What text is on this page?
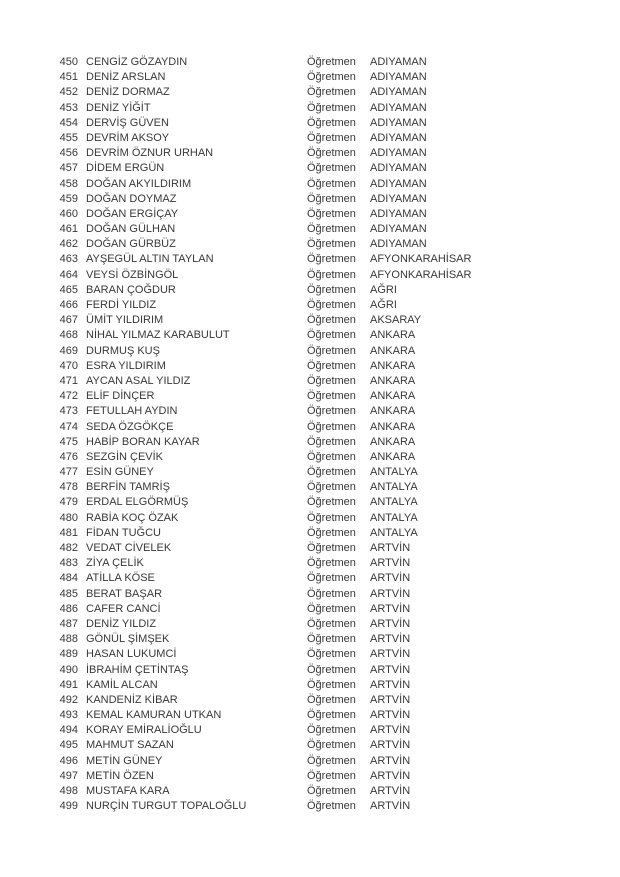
450 CENGİZ GÖZAYDIN	Öğretmen ADIYAMAN
451 DENİZ ARSLAN	Öğretmen ADIYAMAN
452 DENİZ DORMAZ	Öğretmen ADIYAMAN
453 DENİZ YİĞİT	Öğretmen ADIYAMAN
454 DERVİŞ GÜVEN	Öğretmen ADIYAMAN
455 DEVRİM AKSOY	Öğretmen ADIYAMAN
456 DEVRİM ÖZNUR URHAN	Öğretmen ADIYAMAN
457 DİDEM ERGÜN	Öğretmen ADIYAMAN
458 DOĞAN AKYILDIRIM	Öğretmen ADIYAMAN
459 DOĞAN DOYMAZ	Öğretmen ADIYAMAN
460 DOĞAN ERGİÇAY	Öğretmen ADIYAMAN
461 DOĞAN GÜLHAN	Öğretmen ADIYAMAN
462 DOĞAN GÜRBÜZ	Öğretmen ADIYAMAN
463 AYŞEGÜL ALTIN TAYLAN	Öğretmen AFYONKARAHİSAR
464 VEYSİ ÖZBİNGÖL	Öğretmen AFYONKARAHİSAR
465 BARAN ÇOĞDUR	Öğretmen AĞRI
466 FERDİ YILDIZ	Öğretmen AĞRI
467 ÜMİT YILDIRIM	Öğretmen AKSARAY
468 NİHAL YILMAZ KARABULUT	Öğretmen ANKARA
469 DURMUŞ KUŞ	Öğretmen ANKARA
470 ESRA YILDIRIM	Öğretmen ANKARA
471 AYCAN ASAL YILDIZ	Öğretmen ANKARA
472 ELİF DİNÇER	Öğretmen ANKARA
473 FETULLAH AYDIN	Öğretmen ANKARA
474 SEDA ÖZGÖKÇE	Öğretmen ANKARA
475 HABİP BORAN KAYAR	Öğretmen ANKARA
476 SEZGİN ÇEVİK	Öğretmen ANKARA
477 ESİN GÜNEY	Öğretmen ANTALYA
478 BERFİN TAMRİŞ	Öğretmen ANTALYA
479 ERDAL ELGÖRMÜŞ	Öğretmen ANTALYA
480 RABİA KOÇ ÖZAK	Öğretmen ANTALYA
481 FİDAN TUĞCU	Öğretmen ANTALYA
482 VEDAT CİVELEK	Öğretmen ARTVİN
483 ZİYA ÇELİK	Öğretmen ARTVİN
484 ATİLLA KÖSE	Öğretmen ARTVİN
485 BERAT BAŞAR	Öğretmen ARTVİN
486 CAFER CANCİ	Öğretmen ARTVİN
487 DENİZ YILDIZ	Öğretmen ARTVİN
488 GÖNÜL ŞİMŞEK	Öğretmen ARTVİN
489 HASAN LUKUMCİ	Öğretmen ARTVİN
490 İBRAHİM ÇETİNTAŞ	Öğretmen ARTVİN
491 KAMİL ALCAN	Öğretmen ARTVİN
492 KANDENİZ KİBAR	Öğretmen ARTVİN
493 KEMAL KAMURAN UTKAN	Öğretmen ARTVİN
494 KORAY EMİRALİOĞLU	Öğretmen ARTVİN
495 MAHMUT SAZAN	Öğretmen ARTVİN
496 METİN GÜNEY	Öğretmen ARTVİN
497 METİN ÖZEN	Öğretmen ARTVİN
498 MUSTAFA KARA	Öğretmen ARTVİN
499 NURÇİN TURGUT TOPALOĞLU	Öğretmen ARTVİN
